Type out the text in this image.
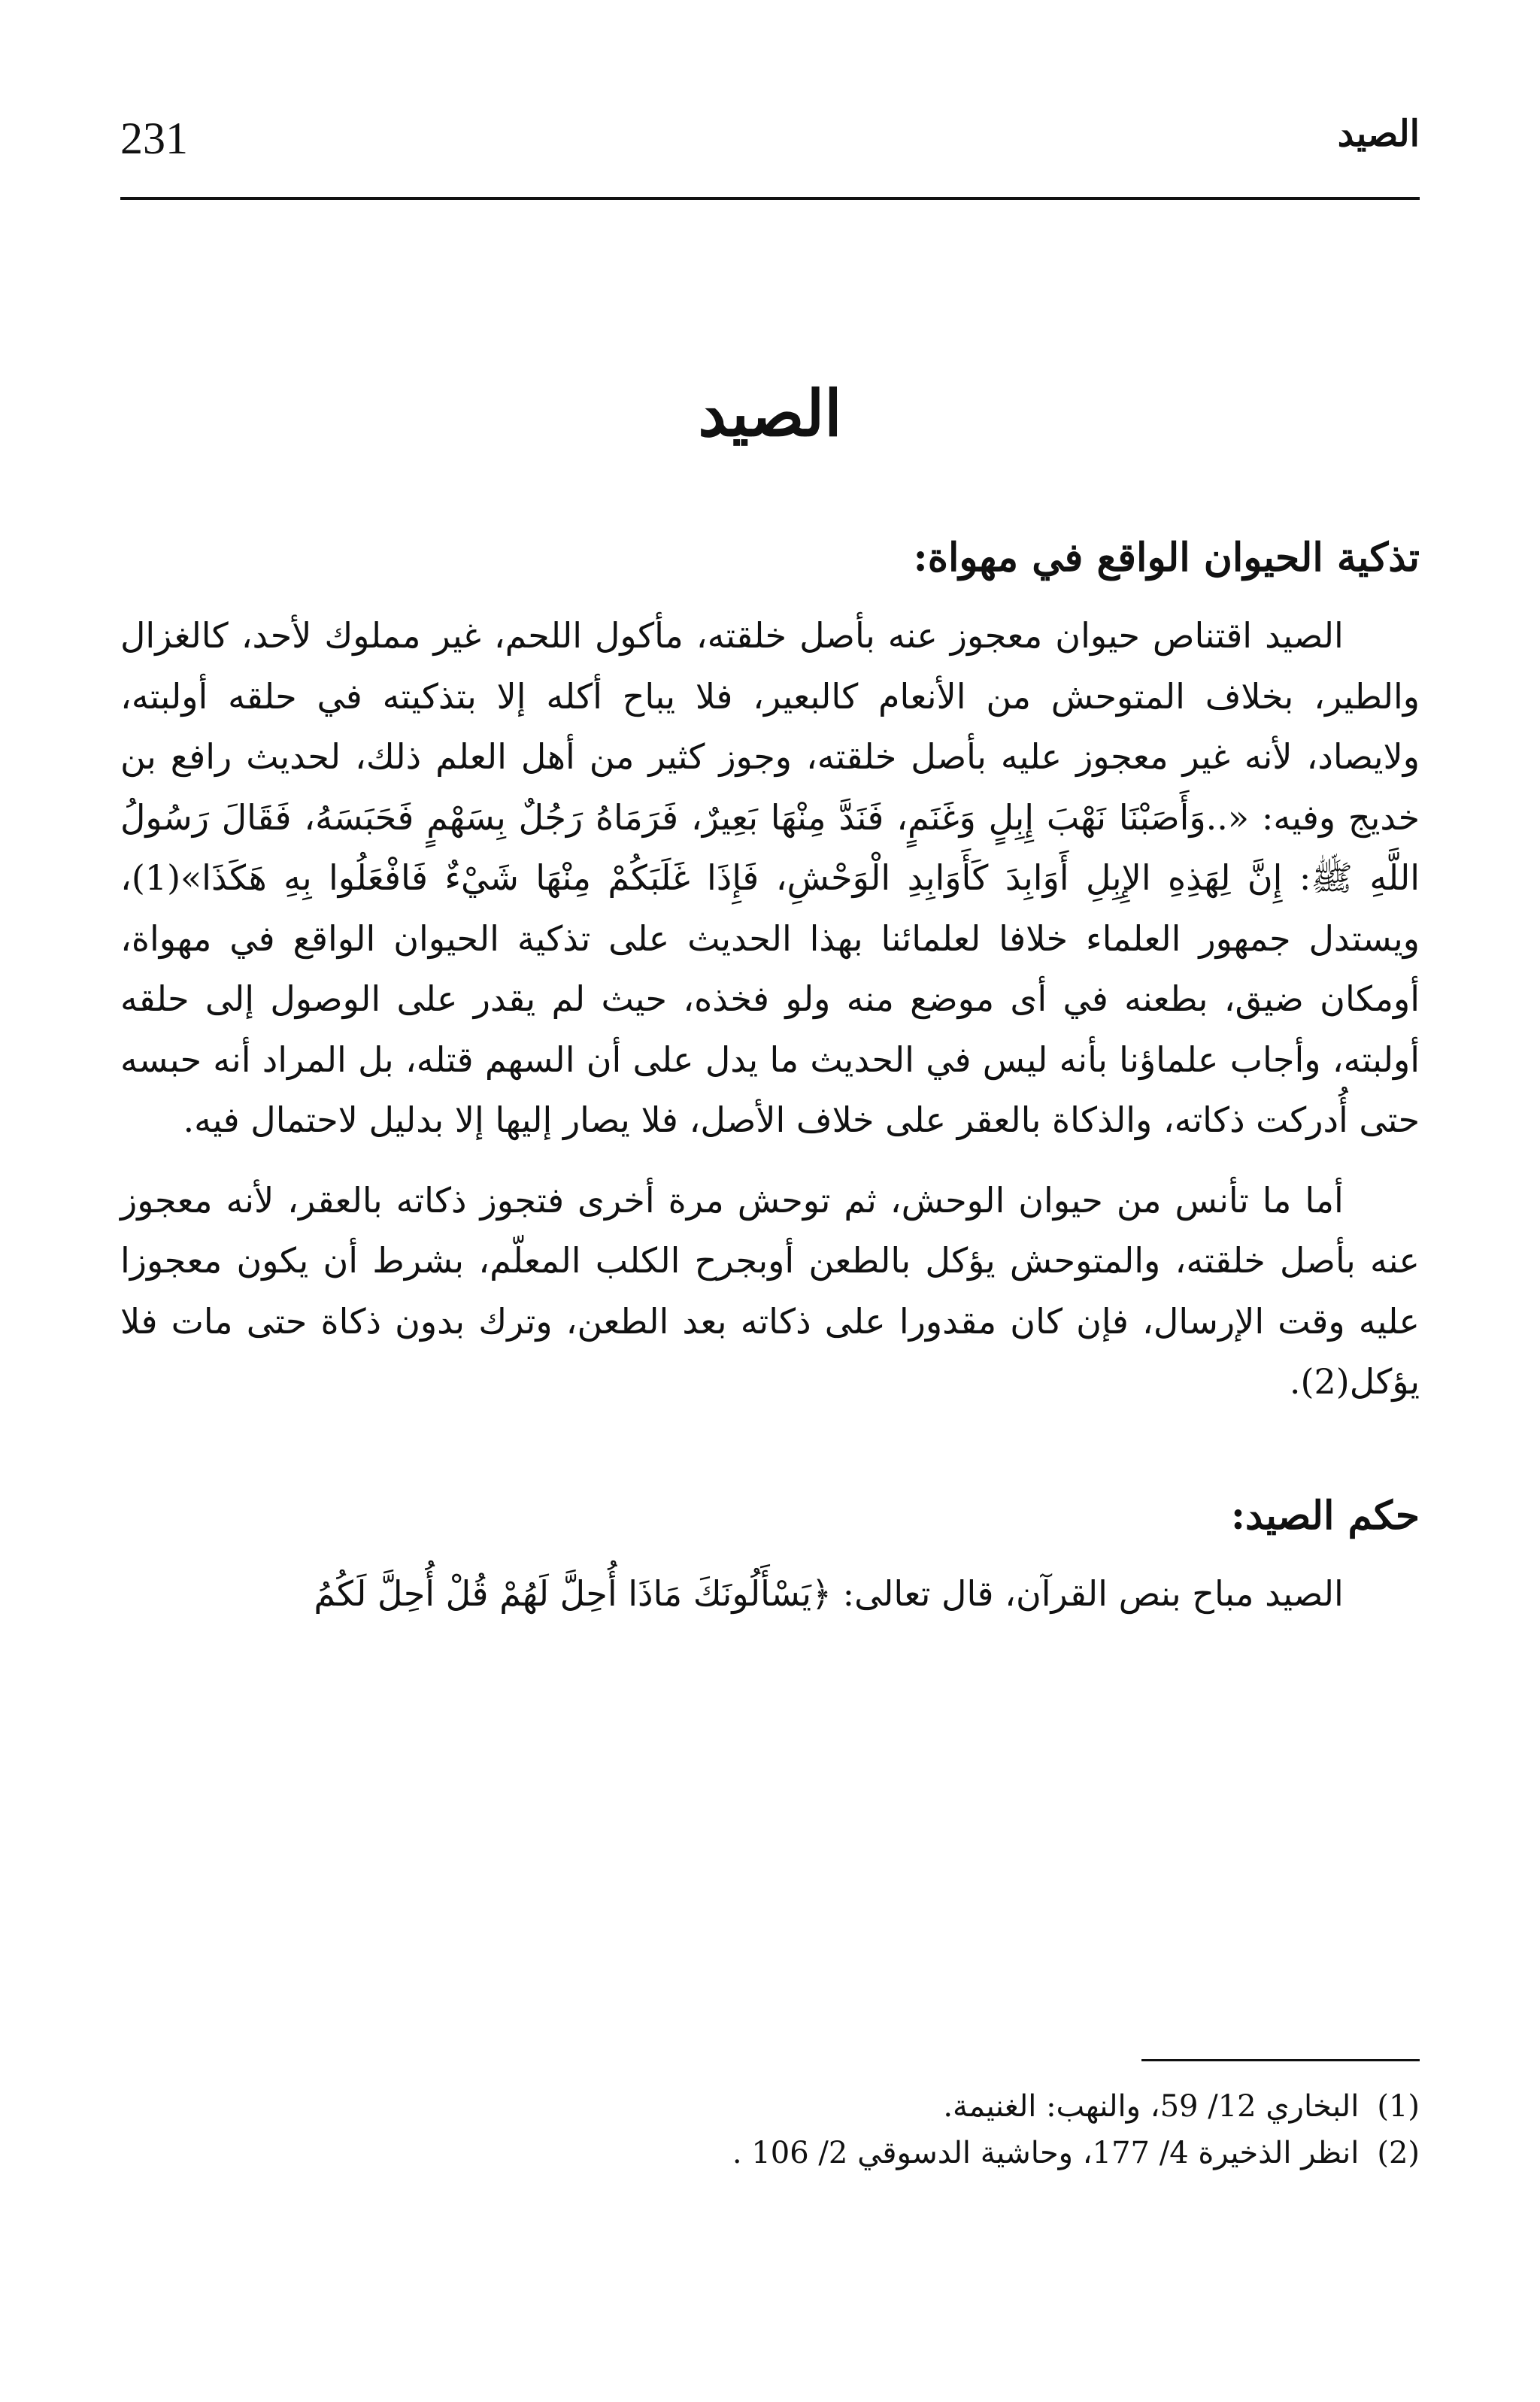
231	الصيد
الصيد
تذكية الحيوان الواقع في مهواة:

الصيد اقتناص حيوان معجوز عنه بأصل خلقته، مأكول اللحم، غير مملوك لأحد، كالغزال والطير، بخلاف المتوحش من الأنعام كالبعير، فلا يباح أكله إلا بتذكيته في حلقه أولبته، ولايصاد، لأنه غير معجوز عليه بأصل خلقته، وجوز كثير من أهل العلم ذلك، لحديث رافع بن خديج وفيه: «..وَأَصَبْنَا نَهْبَ إِبِلٍ وَغَنَمٍ، فَنَدَّ مِنْهَا بَعِيرٌ، فَرَمَاهُ رَجُلٌ بِسَهْمٍ فَحَبَسَهُ، فَقَالَ رَسُولُ اللَّهِ ﷺ: إِنَّ لِهَذِهِ الإِبِلِ أَوَابِدَ كَأَوَابِدِ الْوَحْشِ، فَإِذَا غَلَبَكُمْ مِنْهَا شَيْءٌ فَافْعَلُوا بِهِ هَكَذَا»(1)، ويستدل جمهور العلماء خلافا لعلمائنا بهذا الحديث على تذكية الحيوان الواقع في مهواة، أومكان ضيق، بطعنه في أى موضع منه ولو فخذه، حيث لم يقدر على الوصول إلى حلقه أولبته، وأجاب علماؤنا بأنه ليس في الحديث ما يدل على أن السهم قتله، بل المراد أنه حبسه حتى أُدركت ذكاته، والذكاة بالعقر على خلاف الأصل، فلا يصار إليها إلا بدليل لاحتمال فيه.

أما ما تأنس من حيوان الوحش، ثم توحش مرة أخرى فتجوز ذكاته بالعقر، لأنه معجوز عنه بأصل خلقته، والمتوحش يؤكل بالطعن أوبجرح الكلب المعلّم، بشرط أن يكون معجوزا عليه وقت الإرسال، فإن كان مقدورا على ذكاته بعد الطعن، وترك بدون ذكاة حتى مات فلا يؤكل(2).

حكم الصيد:

الصيد مباح بنص القرآن، قال تعالى: ﴿يَسْأَلُونَكَ مَاذَا أُحِلَّ لَهُمْ قُلْ أُحِلَّ لَكُمُ

(1)
البخاري 12/ 59، والنهب: الغنيمة.
(2)
انظر الذخيرة 4/ 177، وحاشية الدسوقي 2/ 106 .
